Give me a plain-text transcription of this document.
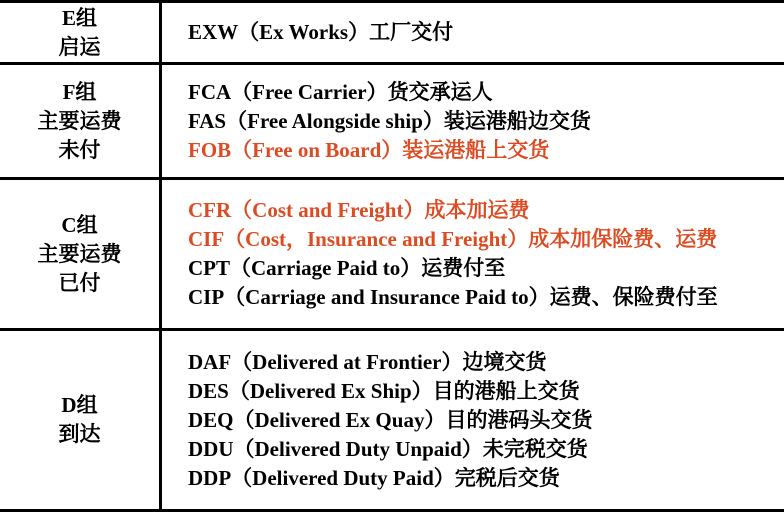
E组
启运
EXW（Ex Works）工厂交付
F组
主要运费
未付
FCA（Free Carrier）货交承运人
FAS（Free Alongside ship）装运港船边交货
FOB（Free on Board）装运港船上交货
C组
主要运费
已付
CFR（Cost and Freight）成本加运费
CIF（Cost，Insurance and Freight）成本加保险费、运费
CPT（Carriage Paid to）运费付至
CIP（Carriage and Insurance Paid to）运费、保险费付至
D组
到达
DAF（Delivered at Frontier）边境交货
DES（Delivered Ex Ship）目的港船上交货
DEQ（Delivered Ex Quay）目的港码头交货
DDU（Delivered Duty Unpaid）未完税交货
DDP（Delivered Duty Paid）完税后交货
